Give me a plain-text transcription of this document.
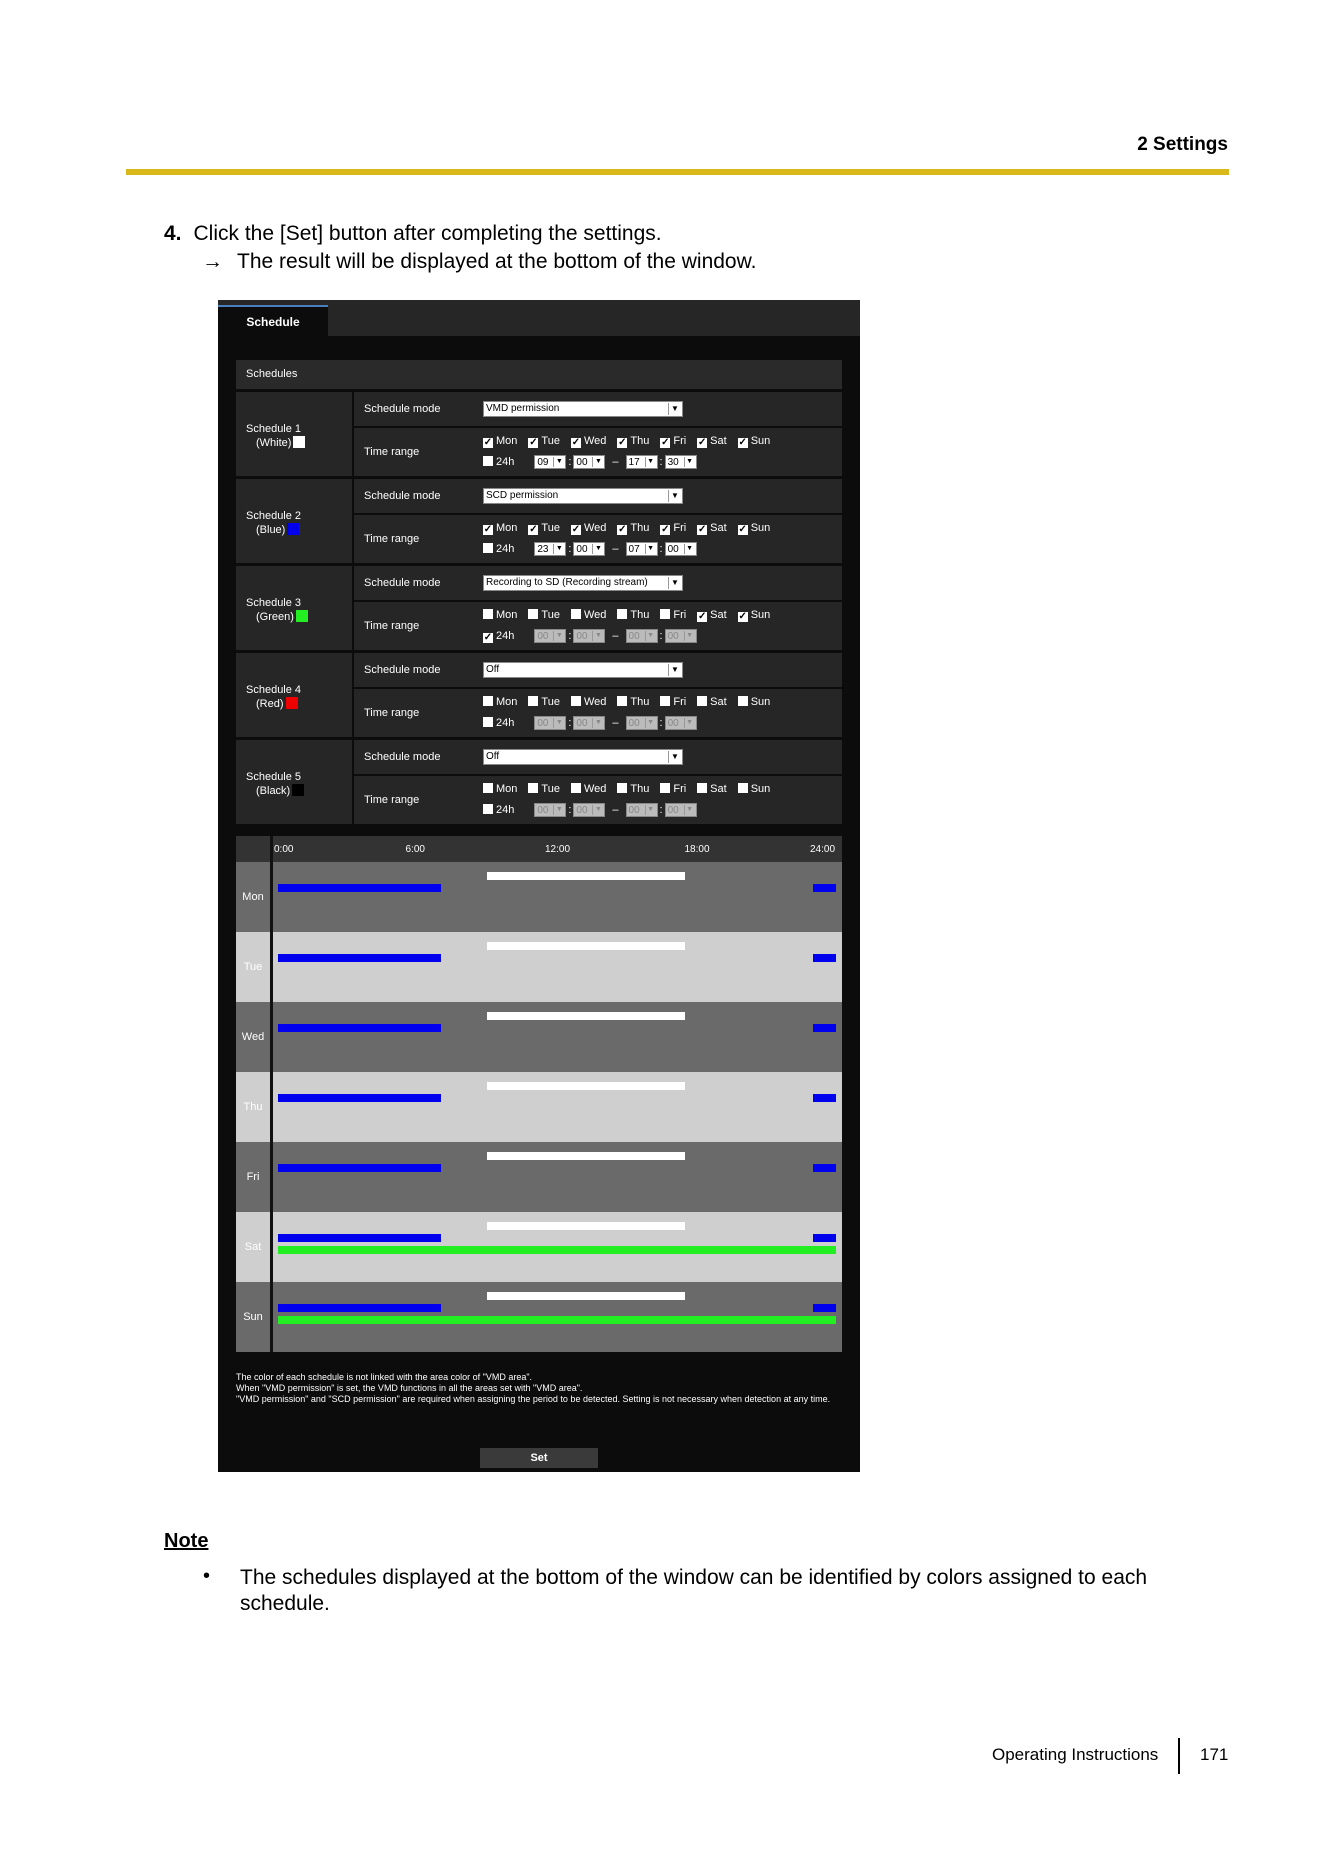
2 Settings
4. Click the [Set] button after completing the settings.
→ The result will be displayed at the bottom of the window.
Schedule
Schedules
Schedule 1
(White)
Schedule mode	VMD permission	▼
Time range
✓ Mon ✓ Tue ✓ Wed ✓ Thu ✓ Fri ✓ Sat ✓ Sun
24h 09	▼ : 00	▼ – 17	▼ : 30	▼
Schedule 2
(Blue)
Schedule mode	SCD permission	▼
Time range
✓ Mon ✓ Tue ✓ Wed ✓ Thu ✓ Fri ✓ Sat ✓ Sun
24h 23	▼ : 00	▼ – 07	▼ : 00	▼
Schedule 3
(Green)
Schedule mode	Recording to SD (Recording stream)	▼
Time range
Mon Tue Wed Thu Fri ✓ Sat ✓ Sun
✓ 24h 00	▼ : 00	▼ – 00	▼ : 00	▼
Schedule 4
(Red)
Schedule mode	Off	▼
Time range
Mon Tue Wed Thu Fri Sat Sun
24h 00	▼ : 00	▼ – 00	▼ : 00	▼
Schedule 5
(Black)
Schedule mode	Off	▼
Time range
Mon Tue Wed Thu Fri Sat Sun
24h 00	▼ : 00	▼ – 00	▼ : 00	▼
0:00	6:00	12:00	18:00	24:00
Mon
Tue
Wed
Thu
Fri
Sat
Sun
The color of each schedule is not linked with the area color of "VMD area".
When "VMD permission" is set, the VMD functions in all the areas set with "VMD area".
"VMD permission" and "SCD permission" are required when assigning the period to be detected. Setting is not necessary when detection at any time.
Set
Note
• The schedules displayed at the bottom of the window can be identified by colors assigned to each schedule.
Operating Instructions 171
